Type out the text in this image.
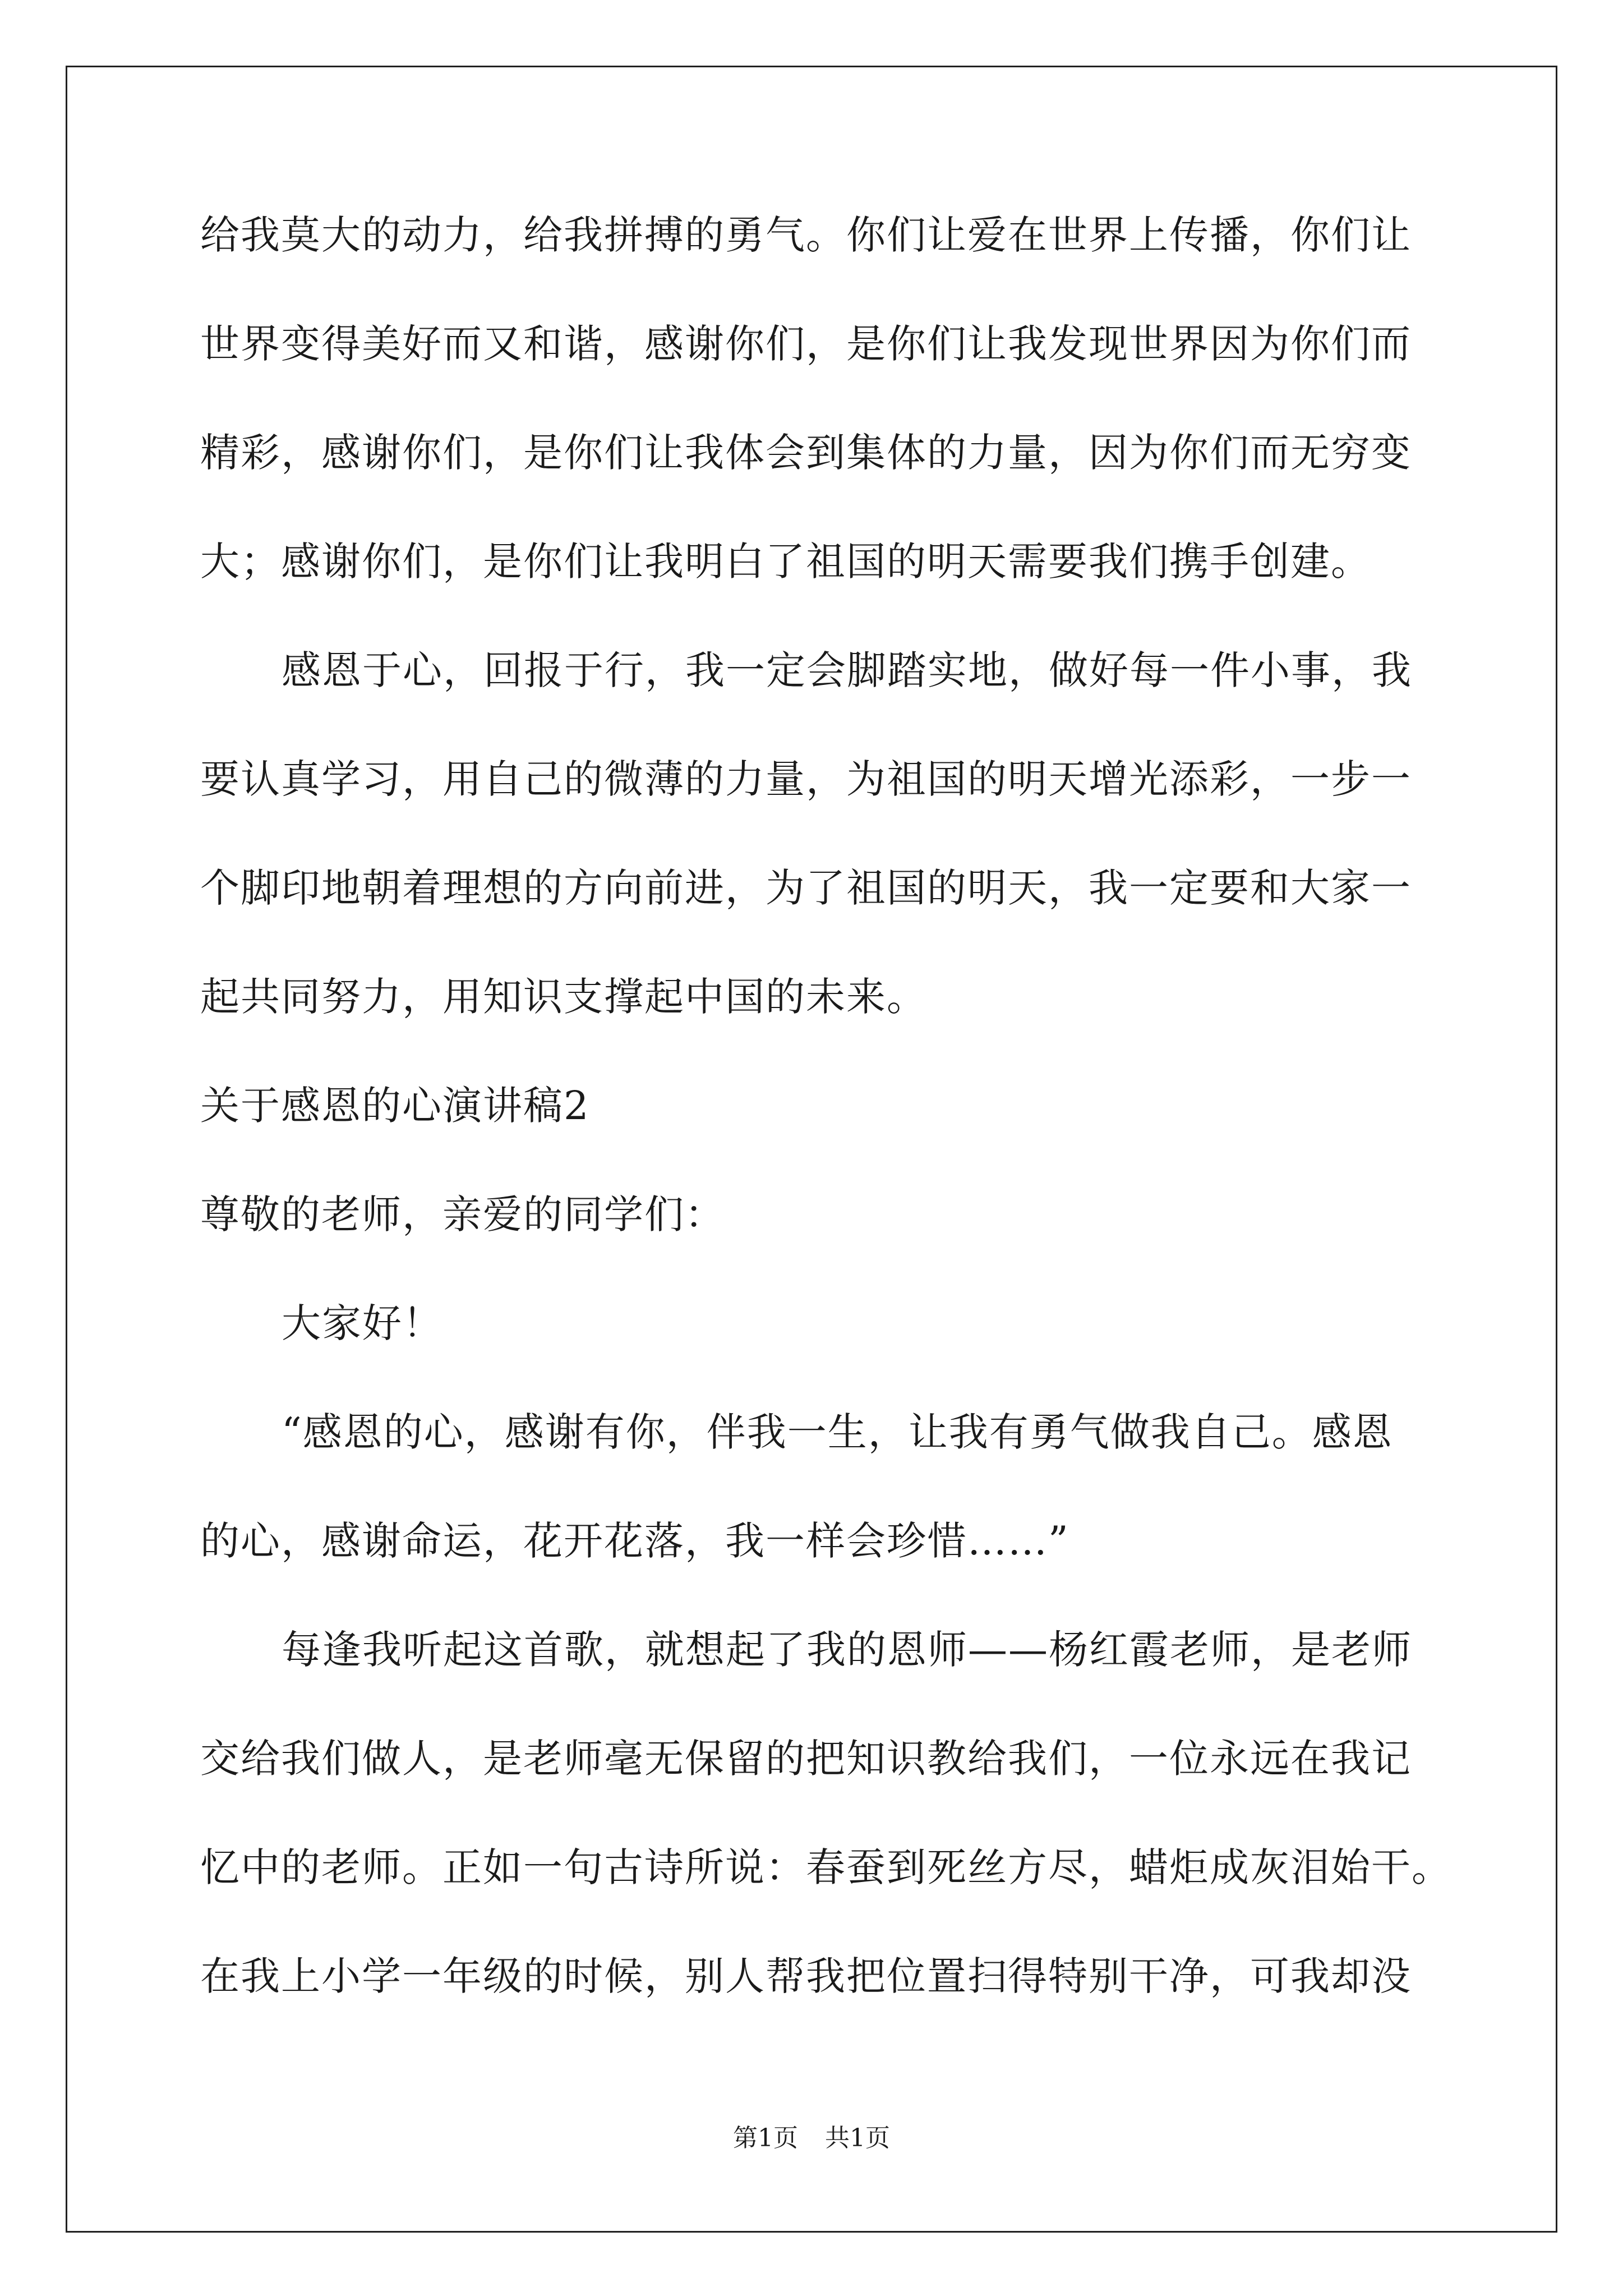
给我莫大的动力，给我拼搏的勇气。你们让爱在世界上传播，你们让
世界变得美好而又和谐，感谢你们，是你们让我发现世界因为你们而
精彩，感谢你们，是你们让我体会到集体的力量，因为你们而无穷变
大；感谢你们，是你们让我明白了祖国的明天需要我们携手创建。
感恩于心，回报于行，我一定会脚踏实地，做好每一件小事，我
要认真学习，用自己的微薄的力量，为祖国的明天增光添彩，一步一
个脚印地朝着理想的方向前进，为了祖国的明天，我一定要和大家一
起共同努力，用知识支撑起中国的未来。
关于感恩的心演讲稿2
尊敬的老师，亲爱的同学们：
大家好！
“感恩的心，感谢有你，伴我一生，让我有勇气做我自己。感恩
的心，感谢命运，花开花落，我一样会珍惜……”
每逢我听起这首歌，就想起了我的恩师——杨红霞老师，是老师
交给我们做人，是老师毫无保留的把知识教给我们，一位永远在我记
忆中的老师。正如一句古诗所说：春蚕到死丝方尽，蜡炬成灰泪始干。
在我上小学一年级的时候，别人帮我把位置扫得特别干净，可我却没
第1页 共1页
